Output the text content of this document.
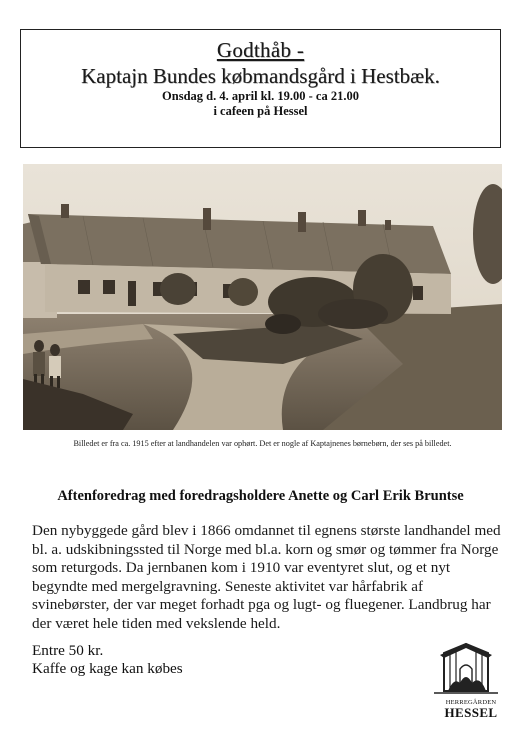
Godthåb -
Kaptajn Bundes købmandsgård i Hestbæk.
Onsdag d. 4. april kl. 19.00 - ca 21.00
i cafeen på Hessel
Billedet er fra ca. 1915 efter at landhandelen var ophørt. Det er nogle af Kaptajnenes børnebørn, der ses på billedet.
Aftenforedrag med foredragsholdere Anette og Carl Erik Bruntse

Den nybyggede gård blev i 1866 omdannet til egnens største landhandel med bl. a. udskibningssted til Norge med bl.a. korn og smør og tømmer fra Norge som returgods. Da jernbanen kom i 1910 var eventyret slut, og et nyt begyndte med mergelgravning. Seneste aktivitet var hårfabrik af svinebørster, der var meget forhadt pga og lugt- og fluegener. Landbrug har der været hele tiden med vekslende held.

Entre 50 kr.
Kaffe og kage kan købes
HERREGÅRDEN
HESSEL
